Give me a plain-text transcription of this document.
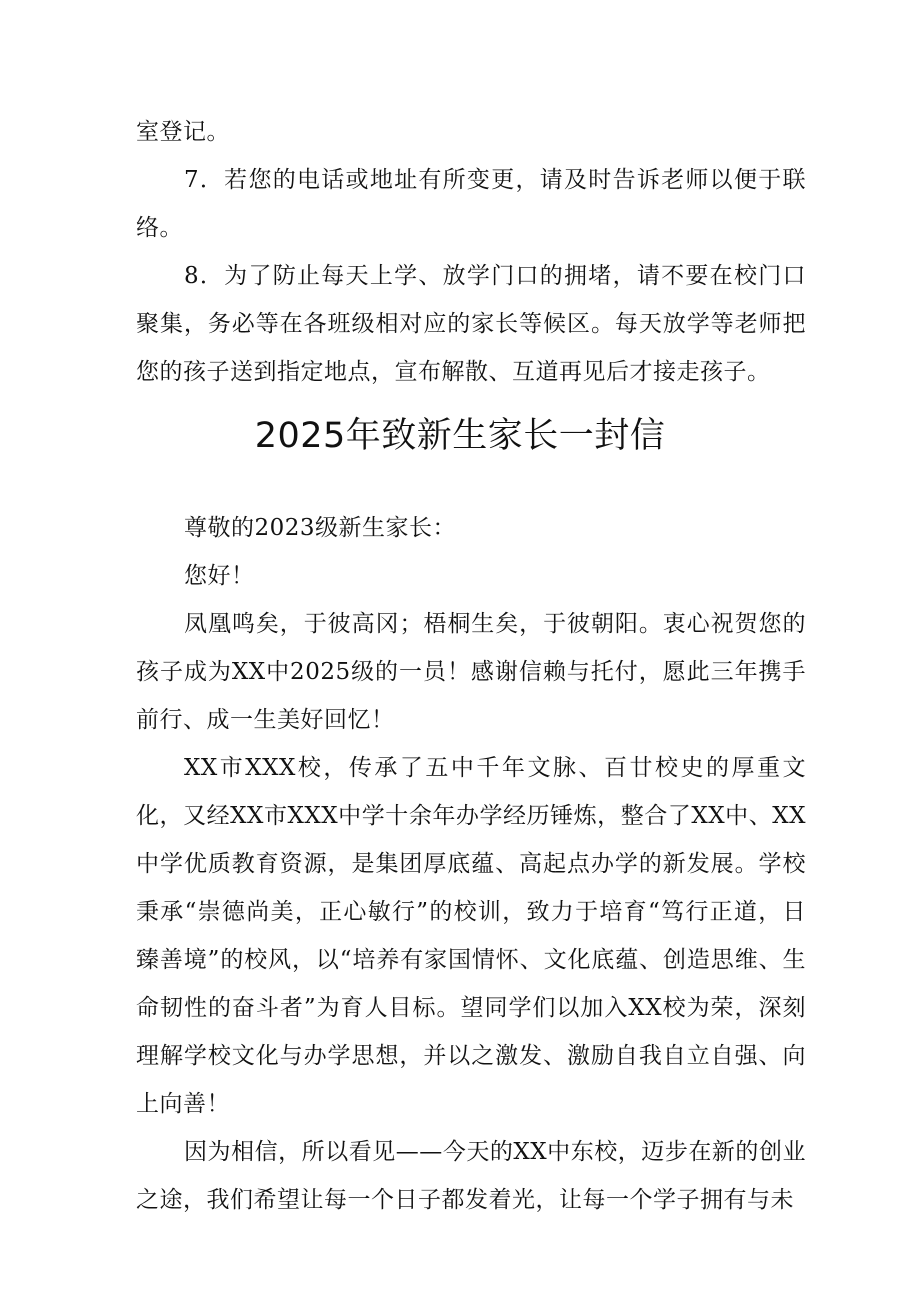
室登记。

7．若您的电话或地址有所变更，请及时告诉老师以便于联络。

8．为了防止每天上学、放学门口的拥堵，请不要在校门口聚集，务必等在各班级相对应的家长等候区。每天放学等老师把您的孩子送到指定地点，宣布解散、互道再见后才接走孩子。

2025年致新生家长一封信

尊敬的2023级新生家长：

您好！

凤凰鸣矣，于彼高冈；梧桐生矣，于彼朝阳。衷心祝贺您的孩子成为XX中2025级的一员！感谢信赖与托付，愿此三年携手前行、成一生美好回忆！

XX市XXX校，传承了五中千年文脉、百廿校史的厚重文化，又经XX市XXX中学十余年办学经历锤炼，整合了XX中、XX中学优质教育资源，是集团厚底蕴、高起点办学的新发展。学校秉承“崇德尚美，正心敏行”的校训，致力于培育“笃行正道，日臻善境”的校风，以“培养有家国情怀、文化底蕴、创造思维、生命韧性的奋斗者”为育人目标。望同学们以加入XX校为荣，深刻理解学校文化与办学思想，并以之激发、激励自我自立自强、向上向善！

因为相信，所以看见——今天的XX中东校，迈步在新的创业之途，我们希望让每一个日子都发着光，让每一个学子拥有与未
